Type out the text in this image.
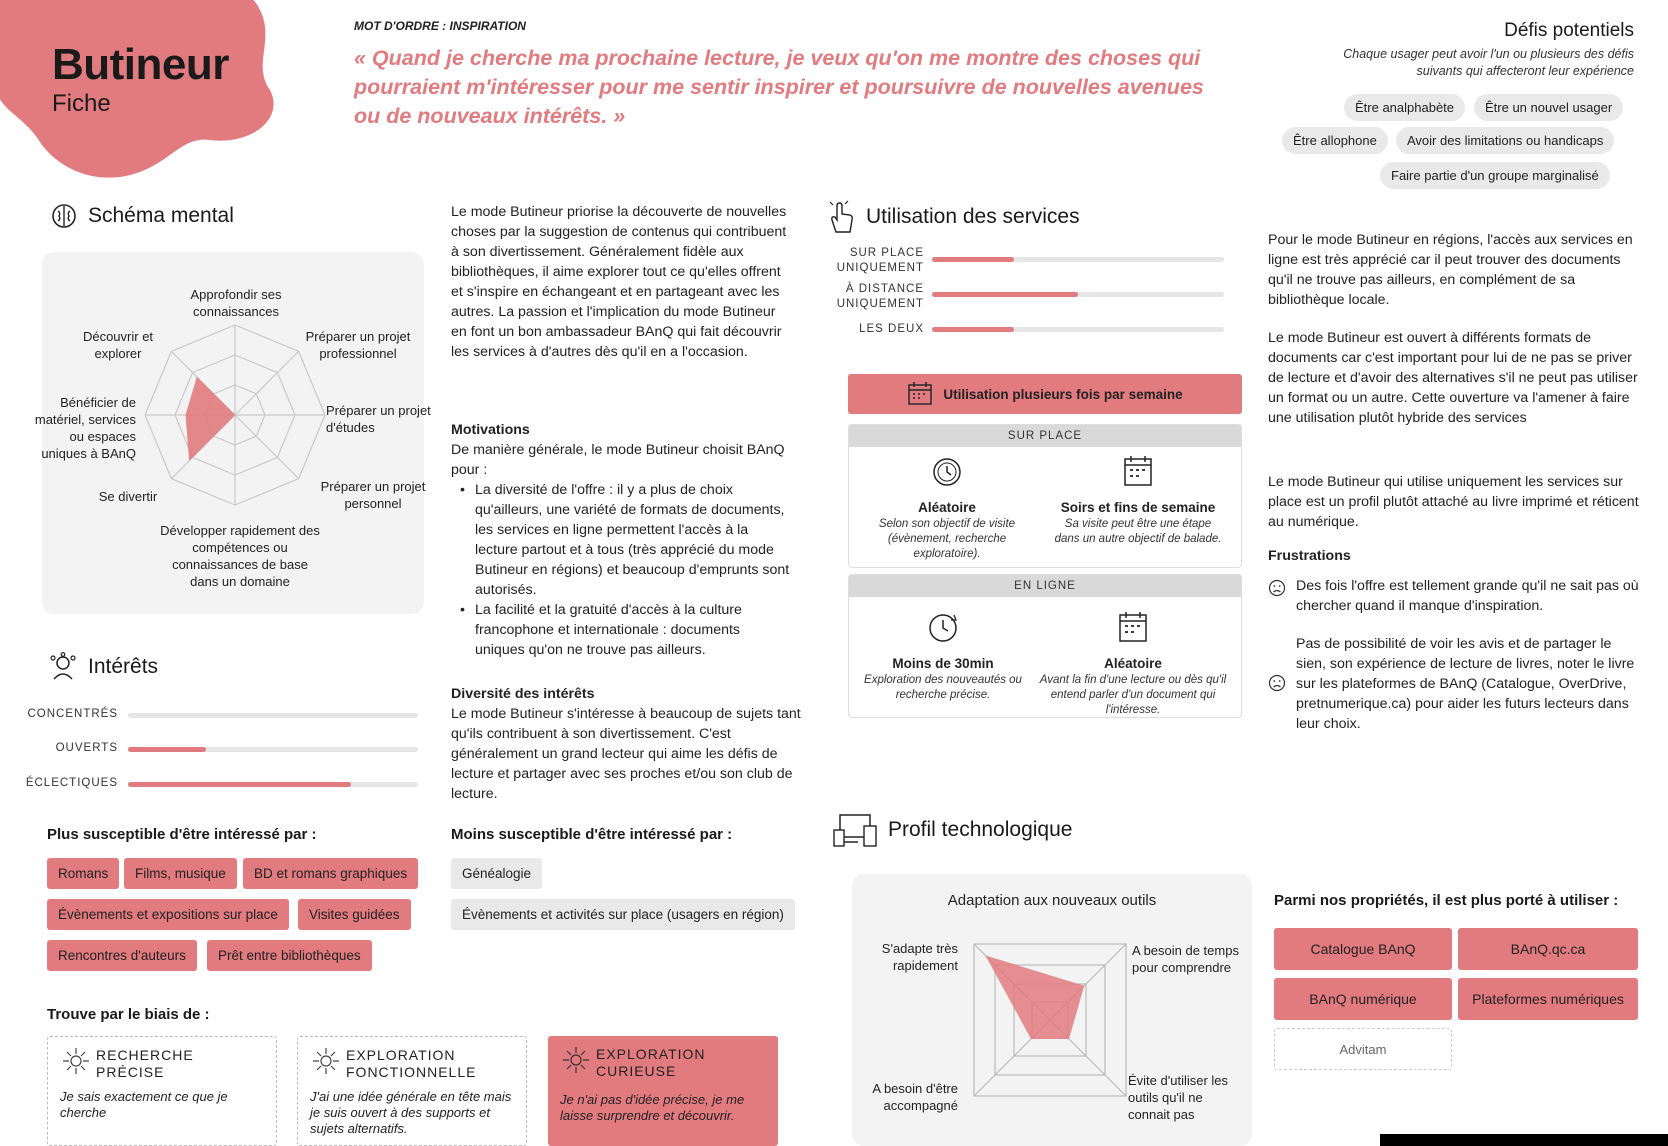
Butineur
Fiche
MOT D'ORDRE : INSPIRATION
« Quand je cherche ma prochaine lecture, je veux qu'on me montre des choses qui pourraient m'intéresser pour me sentir inspirer et poursuivre de nouvelles avenues ou de nouveaux intérêts. »
Défis potentiels
Chaque usager peut avoir l'un ou plusieurs des défis suivants qui affecteront leur expérience
Être analphabète	Être un nouvel usager
Être allophone	Avoir des limitations ou handicaps
Faire partie d'un groupe marginalisé
Schéma mental
Approfondir ses connaissances
Préparer un projet professionnel
Préparer un projet d'études
Préparer un projet personnel
Développer rapidement des compétences ou connaissances de base dans un domaine
Se divertir
Bénéficier de matériel, services ou espaces uniques à BAnQ
Découvrir et explorer
Intérêts
CONCENTRÉS
OUVERTS
ÉCLECTIQUES
Plus susceptible d'être intéressé par :
Romans	Films, musique	BD et romans graphiques
Évènements et expositions sur place	Visites guidées
Rencontres d'auteurs	Prêt entre bibliothèques
Moins susceptible d'être intéressé par :
Généalogie
Évènements et activités sur place (usagers en région)
Trouve par le biais de :
RECHERCHE PRÉCISE
Je sais exactement ce que je cherche
EXPLORATION FONCTIONNELLE
J'ai une idée générale en tête mais je suis ouvert à des supports et sujets alternatifs.
EXPLORATION CURIEUSE
Je n'ai pas d'idée précise, je me laisse surprendre et découvrir.
Le mode Butineur priorise la découverte de nouvelles choses par la suggestion de contenus qui contribuent à son divertissement. Généralement fidèle aux bibliothèques, il aime explorer tout ce qu'elles offrent et s'inspire en échangeant et en partageant avec les autres. La passion et l'implication du mode Butineur en font un bon ambassadeur BAnQ qui fait découvrir les services à d'autres dès qu'il en a l'occasion.
Motivations
De manière générale, le mode Butineur choisit BAnQ pour :
• La diversité de l'offre : il y a plus de choix qu'ailleurs, une variété de formats de documents, les services en ligne permettent l'accès à la lecture partout et à tous (très apprécié du mode Butineur en régions) et beaucoup d'emprunts sont autorisés.
• La facilité et la gratuité d'accès à la culture francophone et internationale : documents uniques qu'on ne trouve pas ailleurs.
Diversité des intérêts
Le mode Butineur s'intéresse à beaucoup de sujets tant qu'ils contribuent à son divertissement. C'est généralement un grand lecteur qui aime les défis de lecture et partager avec ses proches et/ou son club de lecture.
Utilisation des services
SUR PLACE UNIQUEMENT
À DISTANCE UNIQUEMENT
LES DEUX
Utilisation plusieurs fois par semaine
SUR PLACE
Aléatoire
Selon son objectif de visite (évènement, recherche exploratoire).
Soirs et fins de semaine
Sa visite peut être une étape dans un autre objectif de balade.
EN LIGNE
Moins de 30min
Exploration des nouveautés ou recherche précise.
Aléatoire
Avant la fin d'une lecture ou dès qu'il entend parler d'un document qui l'intéresse.
Pour le mode Butineur en régions, l'accès aux services en ligne est très apprécié car il peut trouver des documents qu'il ne trouve pas ailleurs, en complément de sa bibliothèque locale.
Le mode Butineur est ouvert à différents formats de documents car c'est important pour lui de ne pas se priver de lecture et d'avoir des alternatives s'il ne peut pas utiliser un format ou un autre. Cette ouverture va l'amener à faire une utilisation plutôt hybride des services
Le mode Butineur qui utilise uniquement les services sur place est un profil plutôt attaché au livre imprimé et réticent au numérique.
Frustrations
Des fois l'offre est tellement grande qu'il ne sait pas où chercher quand il manque d'inspiration.
Pas de possibilité de voir les avis et de partager le sien, son expérience de lecture de livres, noter le livre sur les plateformes de BAnQ (Catalogue, OverDrive, pretnumerique.ca) pour aider les futurs lecteurs dans leur choix.
Profil technologique
Adaptation aux nouveaux outils
S'adapte très rapidement
A besoin de temps pour comprendre
Évite d'utiliser les outils qu'il ne connait pas
A besoin d'être accompagné
Parmi nos propriétés, il est plus porté à utiliser :
Catalogue BAnQ	BAnQ.qc.ca
BAnQ numérique	Plateformes numériques
Advitam
